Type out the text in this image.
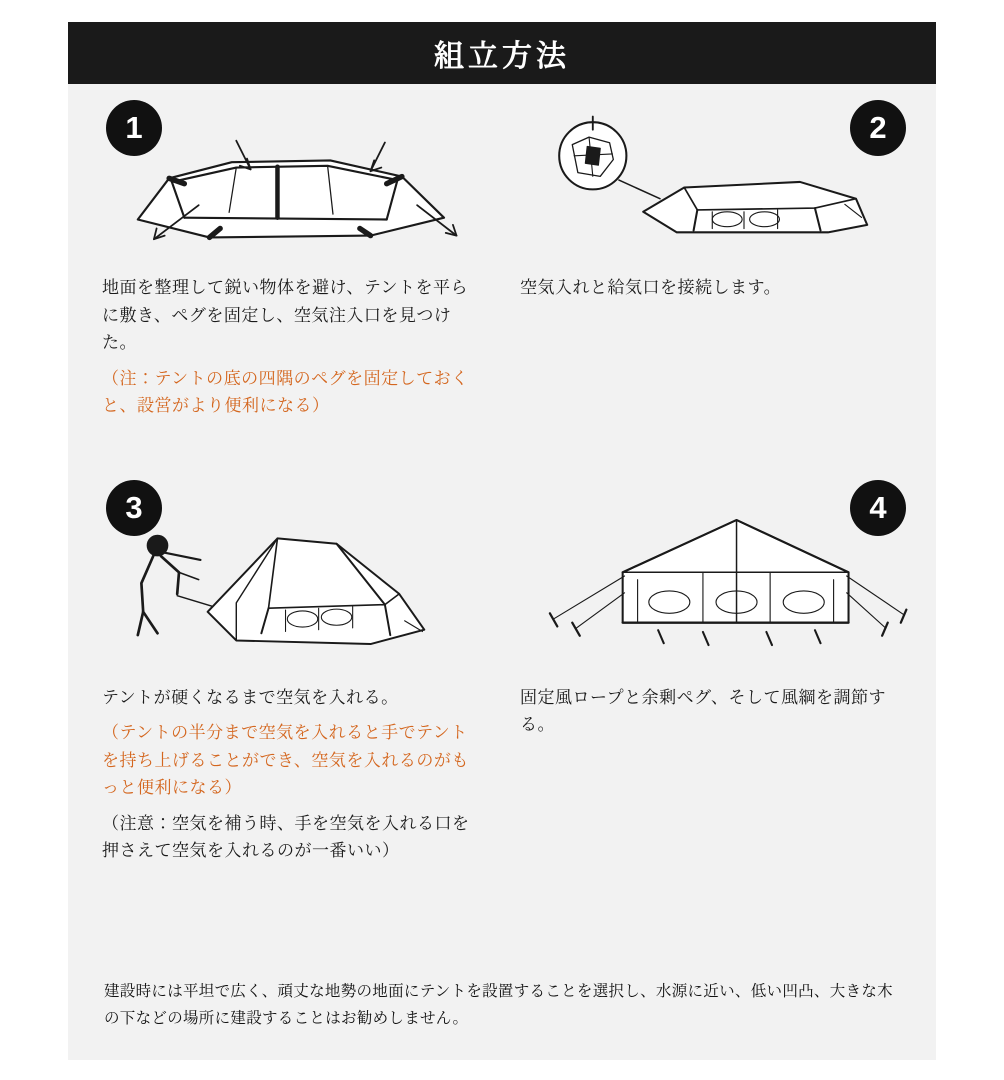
組立方法
1
地面を整理して鋭い物体を避け、テントを平らに敷き、ペグを固定し、空気注入口を見つけた。
（注：テントの底の四隅のペグを固定しておくと、設営がより便利になる）
2
空気入れと給気口を接続します。
3
テントが硬くなるまで空気を入れる。
（テントの半分まで空気を入れると手でテントを持ち上げることができ、空気を入れるのがもっと便利になる）
（注意：空気を補う時、手を空気を入れる口を押さえて空気を入れるのが一番いい）
4
固定風ロープと余剰ペグ、そして風綱を調節する。
建設時には平坦で広く、頑丈な地勢の地面にテントを設置することを選択し、水源に近い、低い凹凸、大きな木の下などの場所に建設することはお勧めしません。
